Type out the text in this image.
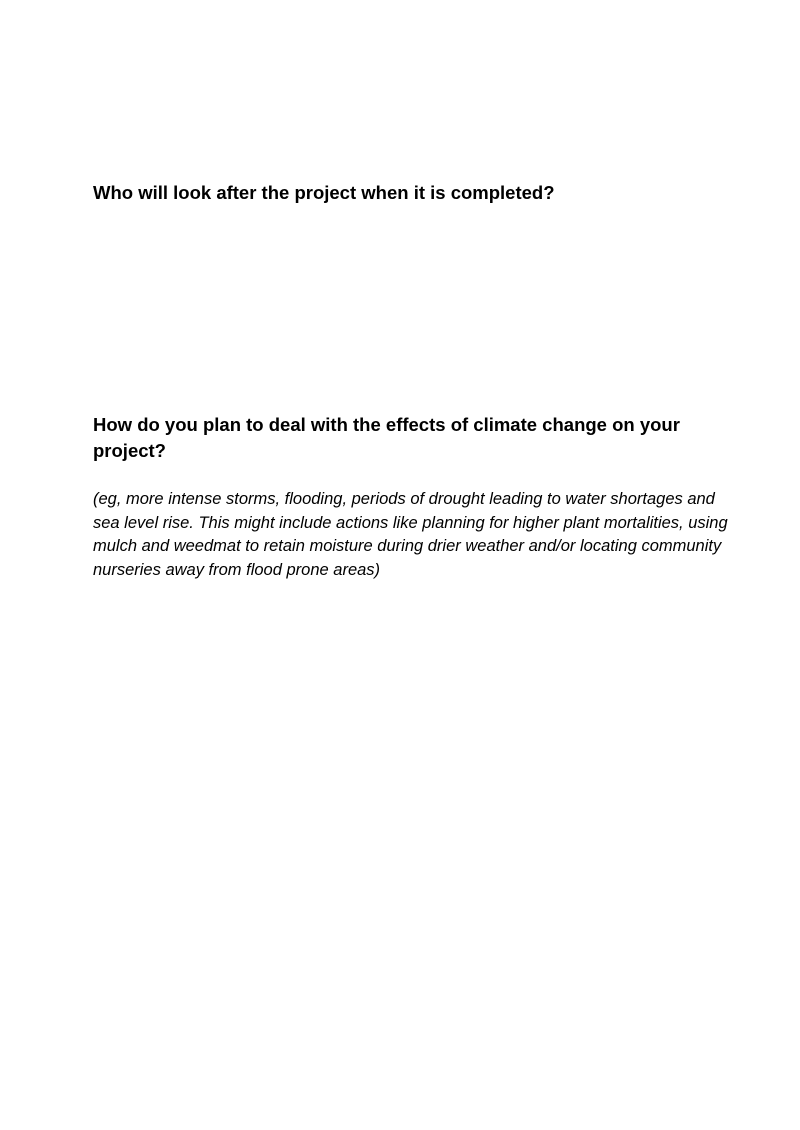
Who will look after the project when it is completed?
How do you plan to deal with the effects of climate change on your project?

(eg, more intense storms, flooding, periods of drought leading to water shortages and sea level rise. This might include actions like planning for higher plant mortalities, using mulch and weedmat to retain moisture during drier weather and/or locating community nurseries away from flood prone areas)
